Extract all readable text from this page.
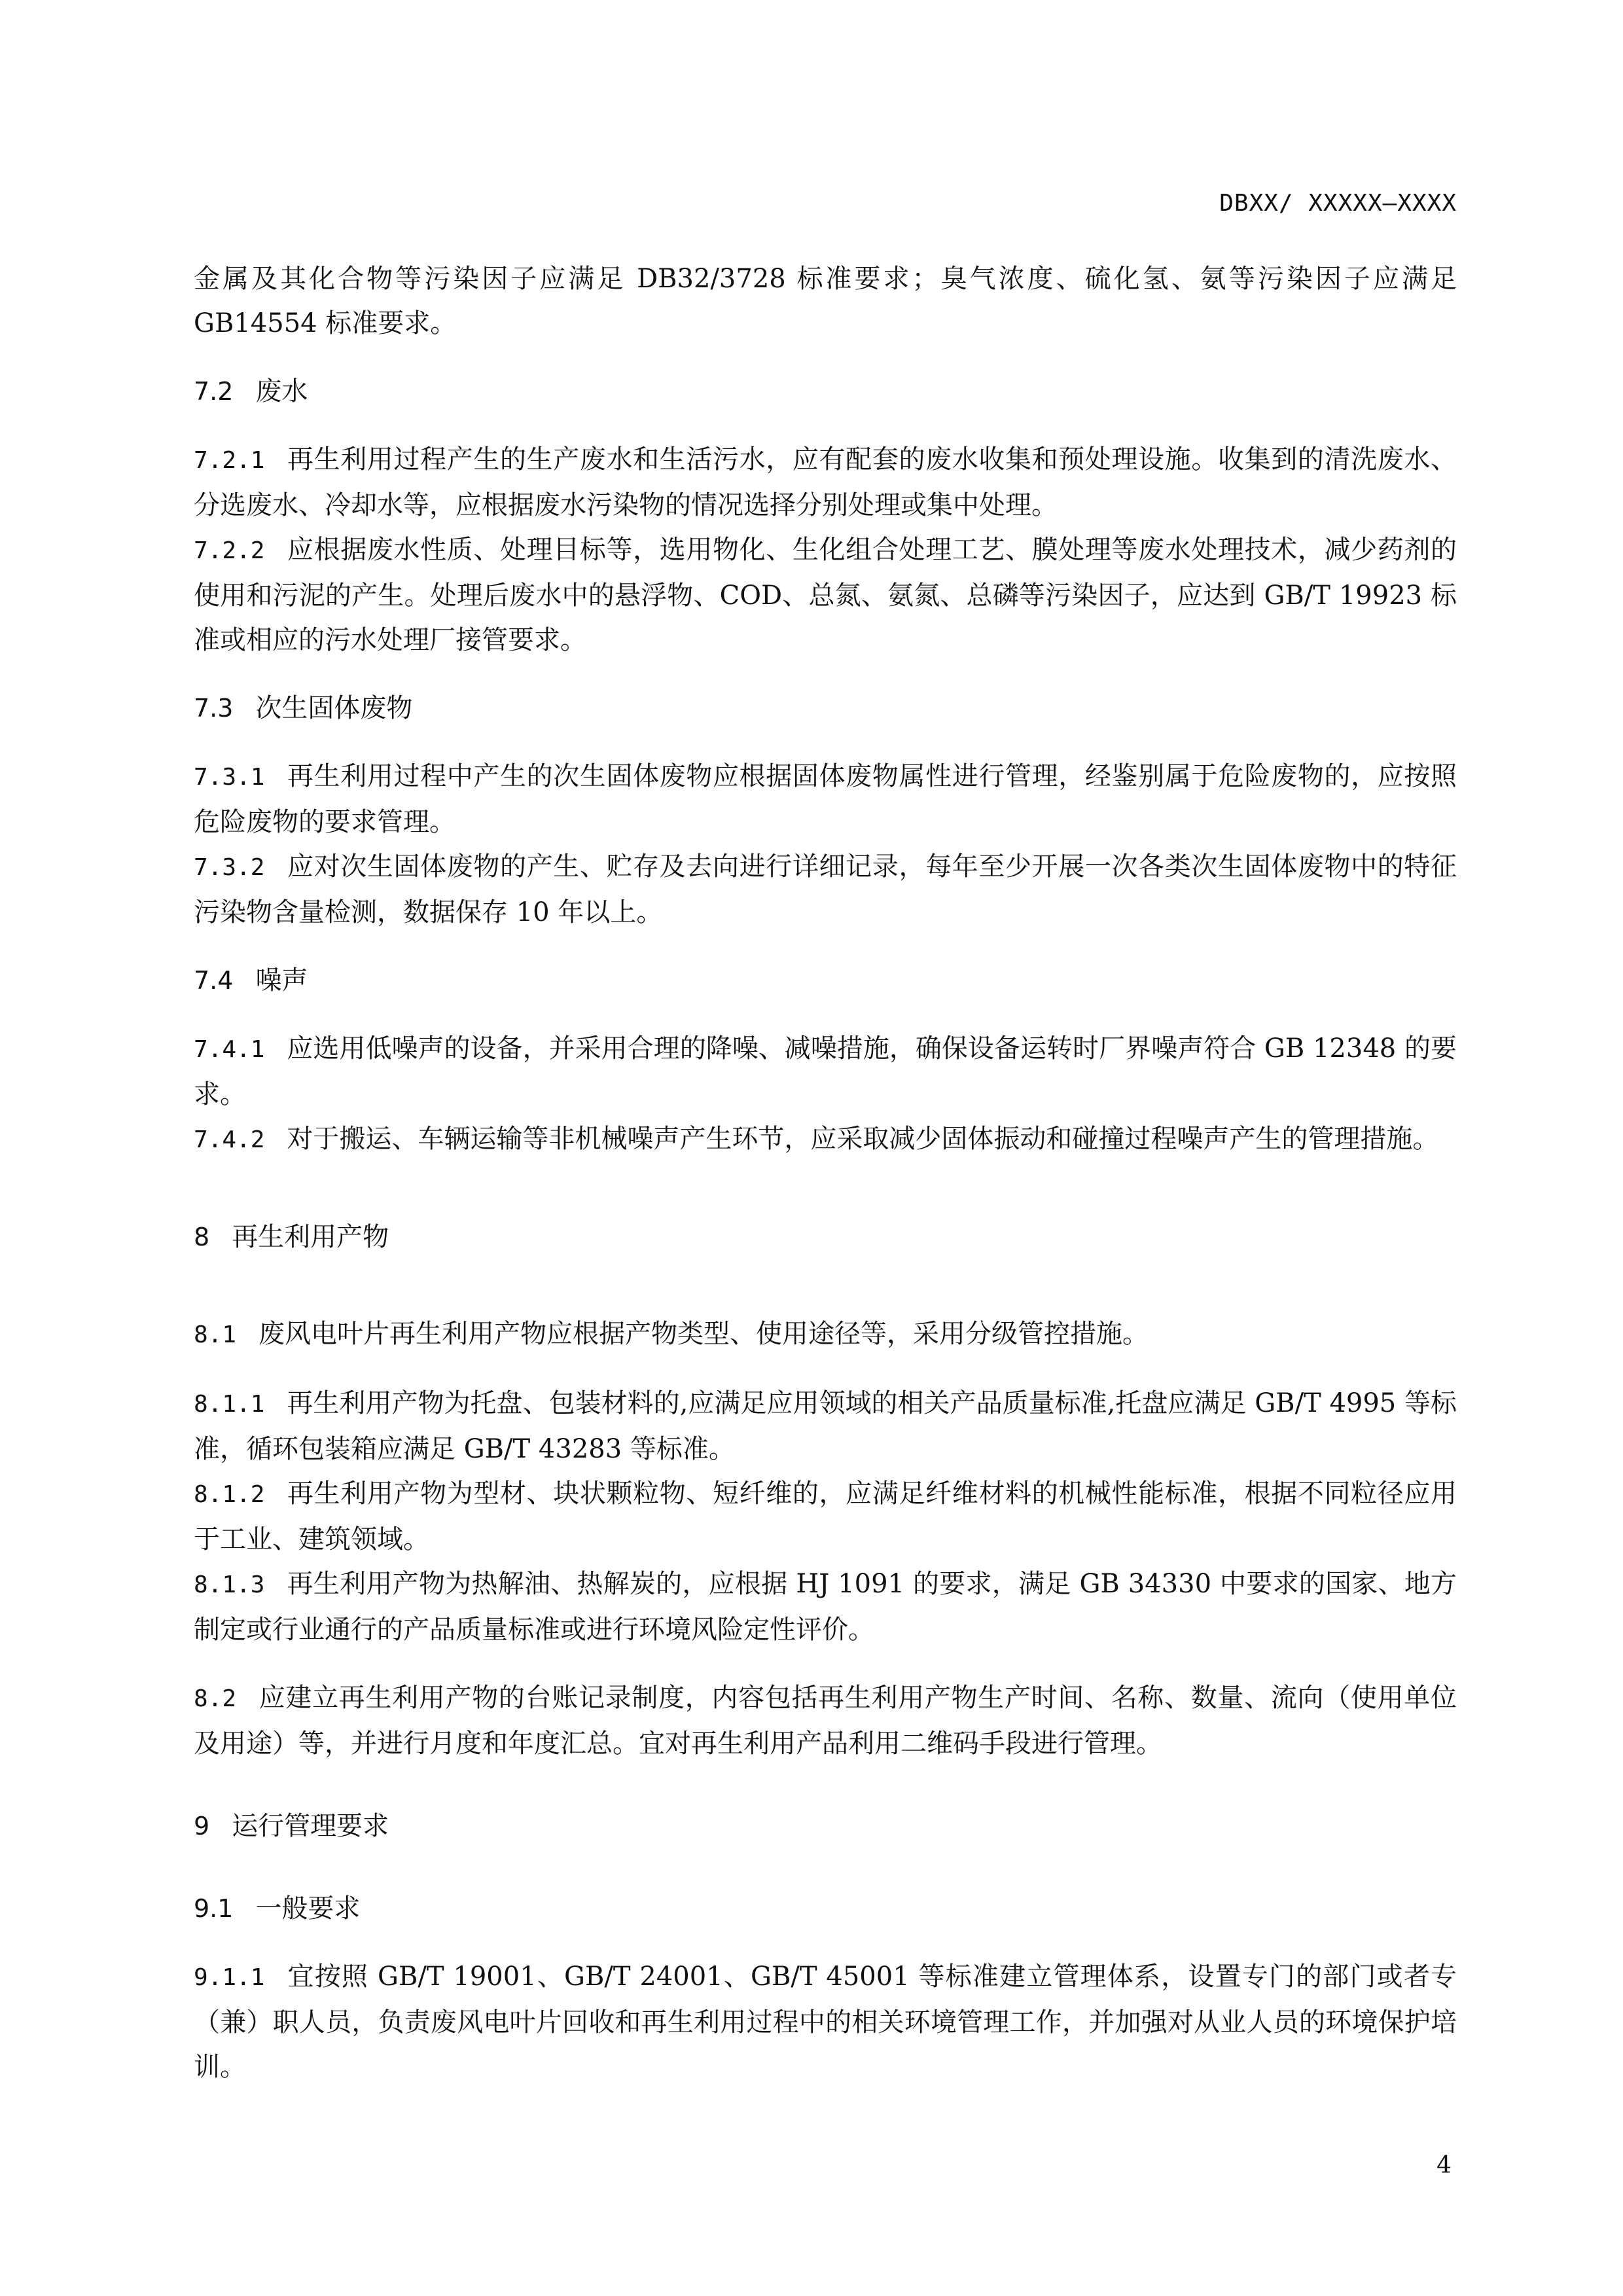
DBXX/ XXXXX—XXXX

金属及其化合物等污染因子应满足 DB32/3728 标准要求；臭气浓度、硫化氢、氨等污染因子应满足 GB14554 标准要求。

7.2 废水

7.2.1 再生利用过程产生的生产废水和生活污水，应有配套的废水收集和预处理设施。收集到的清洗废水、分选废水、冷却水等，应根据废水污染物的情况选择分别处理或集中处理。

7.2.2 应根据废水性质、处理目标等，选用物化、生化组合处理工艺、膜处理等废水处理技术，减少药剂的使用和污泥的产生。处理后废水中的悬浮物、COD、总氮、氨氮、总磷等污染因子，应达到 GB/T 19923 标准或相应的污水处理厂接管要求。

7.3 次生固体废物

7.3.1 再生利用过程中产生的次生固体废物应根据固体废物属性进行管理，经鉴别属于危险废物的，应按照危险废物的要求管理。

7.3.2 应对次生固体废物的产生、贮存及去向进行详细记录，每年至少开展一次各类次生固体废物中的特征污染物含量检测，数据保存 10 年以上。

7.4 噪声

7.4.1 应选用低噪声的设备，并采用合理的降噪、减噪措施，确保设备运转时厂界噪声符合 GB 12348 的要求。

7.4.2 对于搬运、车辆运输等非机械噪声产生环节，应采取减少固体振动和碰撞过程噪声产生的管理措施。

8 再生利用产物

8.1 废风电叶片再生利用产物应根据产物类型、使用途径等，采用分级管控措施。

8.1.1 再生利用产物为托盘、包装材料的,应满足应用领域的相关产品质量标准,托盘应满足 GB/T 4995 等标准，循环包装箱应满足 GB/T 43283 等标准。

8.1.2 再生利用产物为型材、块状颗粒物、短纤维的，应满足纤维材料的机械性能标准，根据不同粒径应用于工业、建筑领域。

8.1.3 再生利用产物为热解油、热解炭的，应根据 HJ 1091 的要求，满足 GB 34330 中要求的国家、地方制定或行业通行的产品质量标准或进行环境风险定性评价。

8.2 应建立再生利用产物的台账记录制度，内容包括再生利用产物生产时间、名称、数量、流向（使用单位及用途）等，并进行月度和年度汇总。宜对再生利用产品利用二维码手段进行管理。

9 运行管理要求
9.1 一般要求

9.1.1 宜按照 GB/T 19001、GB/T 24001、GB/T 45001 等标准建立管理体系，设置专门的部门或者专（兼）职人员，负责废风电叶片回收和再生利用过程中的相关环境管理工作，并加强对从业人员的环境保护培训。

4
